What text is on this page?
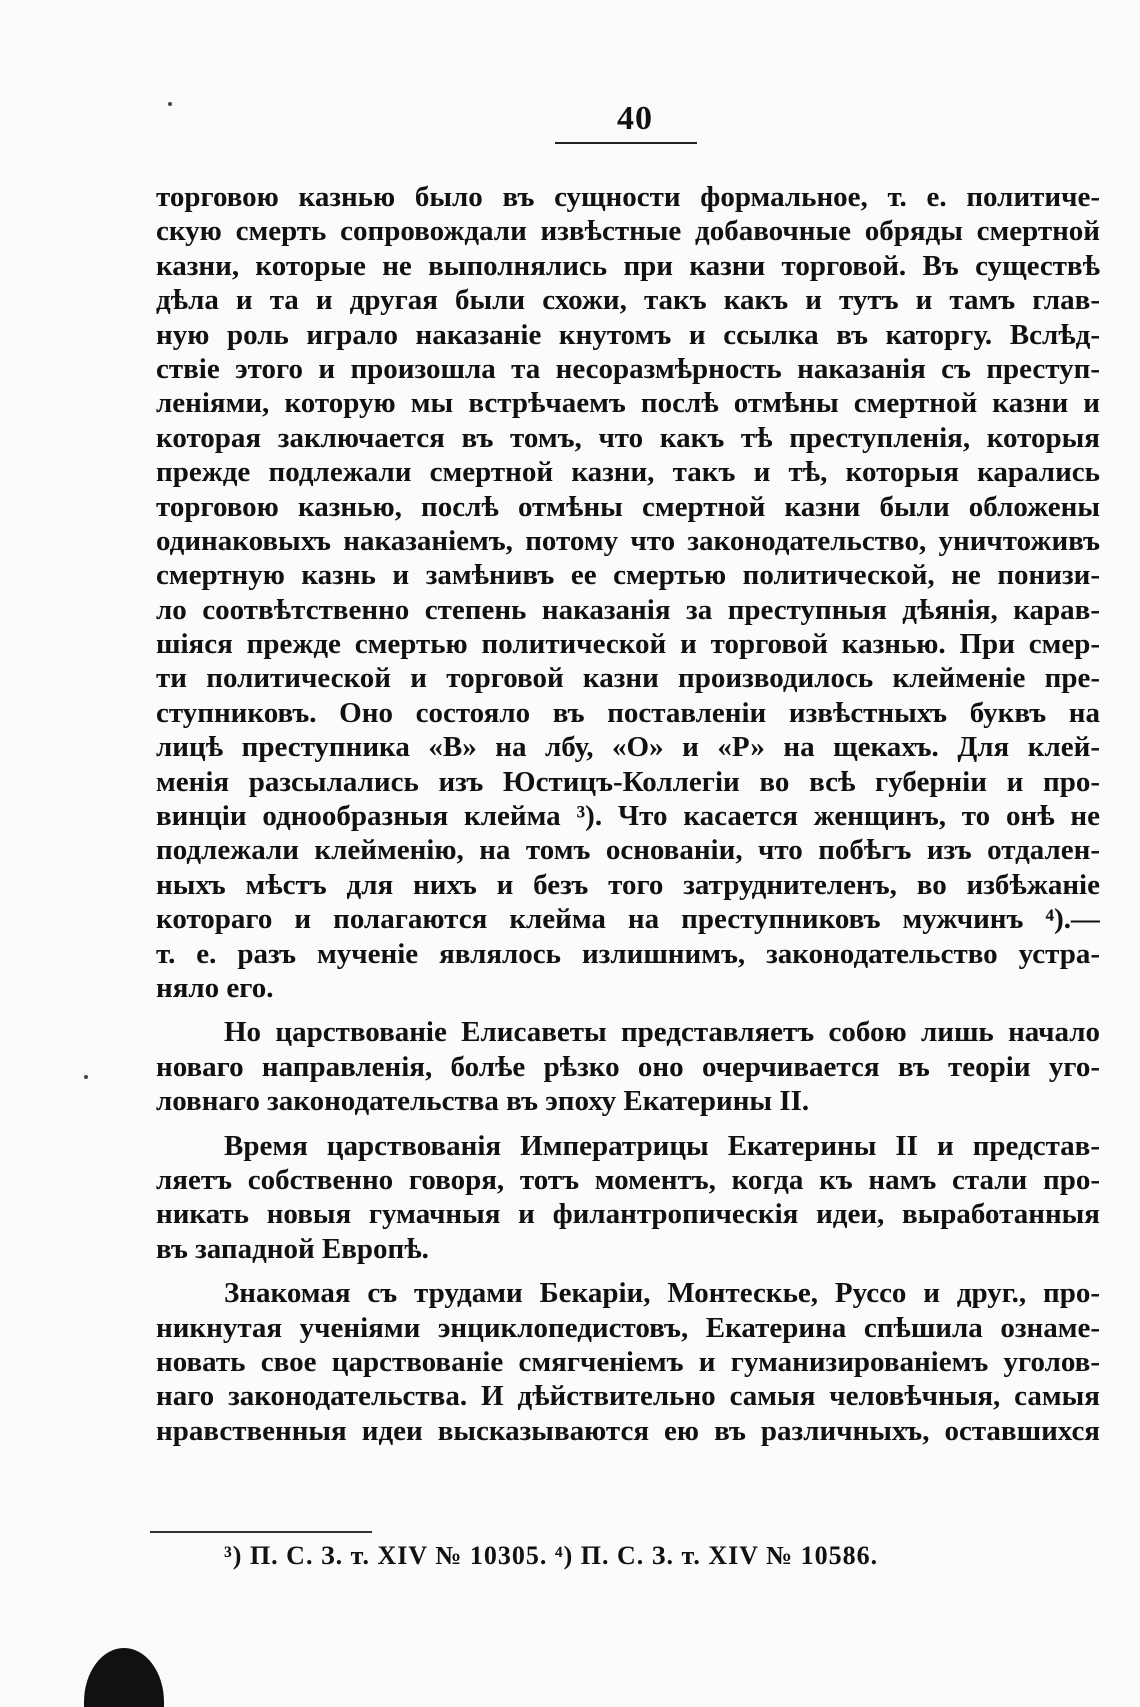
40
торговою казнью было въ сущности формальное, т. е. политиче-
скую смерть сопровождали извѣстные добавочные обряды смертной
казни, которые не выполнялись при казни торговой. Въ существѣ
дѣла и та и другая были схожи, такъ какъ и тутъ и тамъ глав-
ную роль играло наказаніе кнутомъ и ссылка въ каторгу. Вслѣд-
ствіе этого и произошла та несоразмѣрность наказанія съ преступ-
леніями, которую мы встрѣчаемъ послѣ отмѣны смертной казни и
которая заключается въ томъ, что какъ тѣ преступленія, которыя
прежде подлежали смертной казни, такъ и тѣ, которыя карались
торговою казнью, послѣ отмѣны смертной казни были обложены
одинаковыхъ наказаніемъ, потому что законодательство, уничтоживъ
смертную казнь и замѣнивъ ее смертью политической, не понизи-
ло соотвѣтственно степень наказанія за преступныя дѣянія, карав-
шіяся прежде смертью политической и торговой казнью. При смер-
ти политической и торговой казни производилось клейменіе пре-
ступниковъ. Оно состояло въ поставленіи извѣстныхъ буквъ на
лицѣ преступника «В» на лбу, «О» и «Р» на щекахъ. Для клей-
менія разсылались изъ Юстицъ-Коллегіи во всѣ губерніи и про-
винціи однообразныя клейма ³). Что касается женщинъ, то онѣ не
подлежали клейменію, на томъ основаніи, что побѣгъ изъ отдален-
ныхъ мѣстъ для нихъ и безъ того затруднителенъ, во избѣжаніе
котораго и полагаются клейма на преступниковъ мужчинъ ⁴).—
т. е. разъ мученіе являлось излишнимъ, законодательство устра-
няло его.
Но царствованіе Елисаветы представляетъ собою лишь начало
новаго направленія, болѣе рѣзко оно очерчивается въ теоріи уго-
ловнаго законодательства въ эпоху Екатерины II.
Время царствованія Императрицы Екатерины II и представ-
ляетъ собственно говоря, тотъ моментъ, когда къ намъ стали про-
никать новыя гумачныя и филантропическія идеи, выработанныя
въ западной Европѣ.
Знакомая съ трудами Бекаріи, Монтескье, Руссо и друг., про-
никнутая ученіями энциклопедистовъ, Екатерина спѣшила ознаме-
новать свое царствованіе смягченіемъ и гуманизированіемъ уголов-
наго законодательства. И дѣйствительно самыя человѣчныя, самыя
нравственныя идеи высказываются ею въ различныхъ, оставшихся
³) П. С. З. т. XIV № 10305. ⁴) П. С. З. т. XIV № 10586.
